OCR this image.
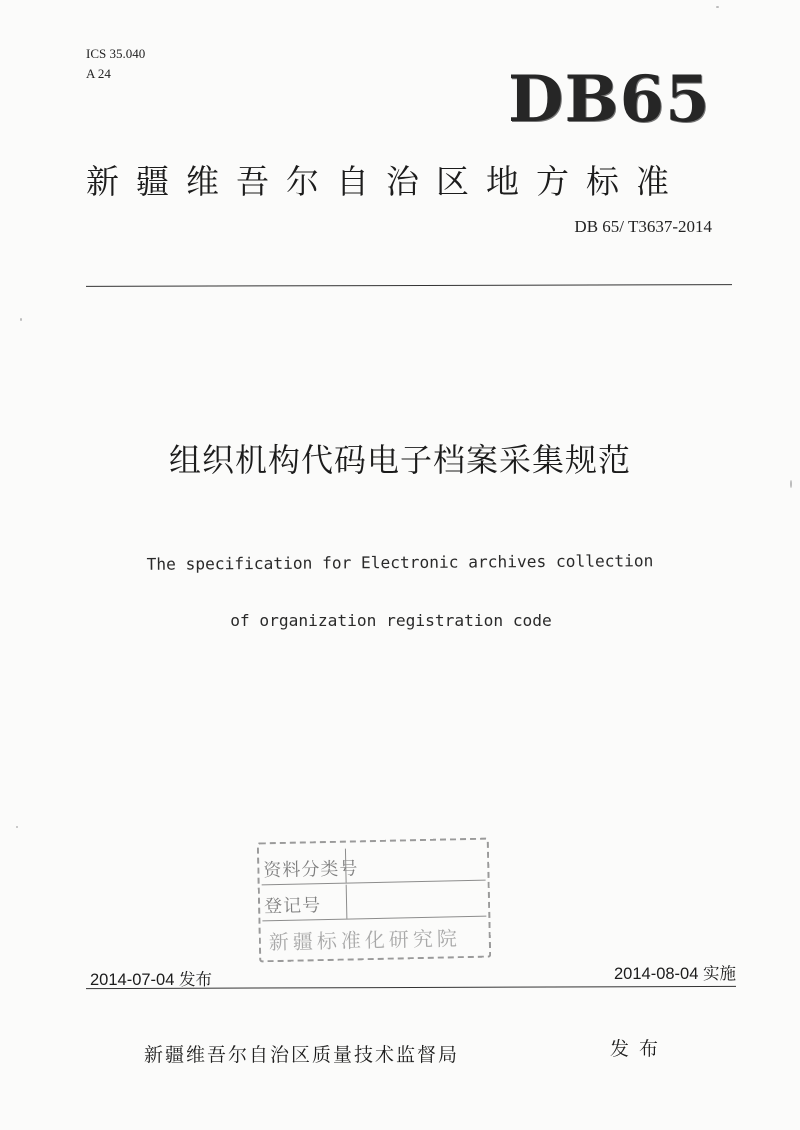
ICS 35.040
A 24	DB65
新疆维吾尔自治区地方标准
DB 65/ T3637-2014
组织机构代码电子档案采集规范
The specification for Electronic archives collection
of organization registration code
资料分类号
登记号
新疆标准化研究院
2014-07-04 发布	2014-08-04 实施
新疆维吾尔自治区质量技术监督局	发布
